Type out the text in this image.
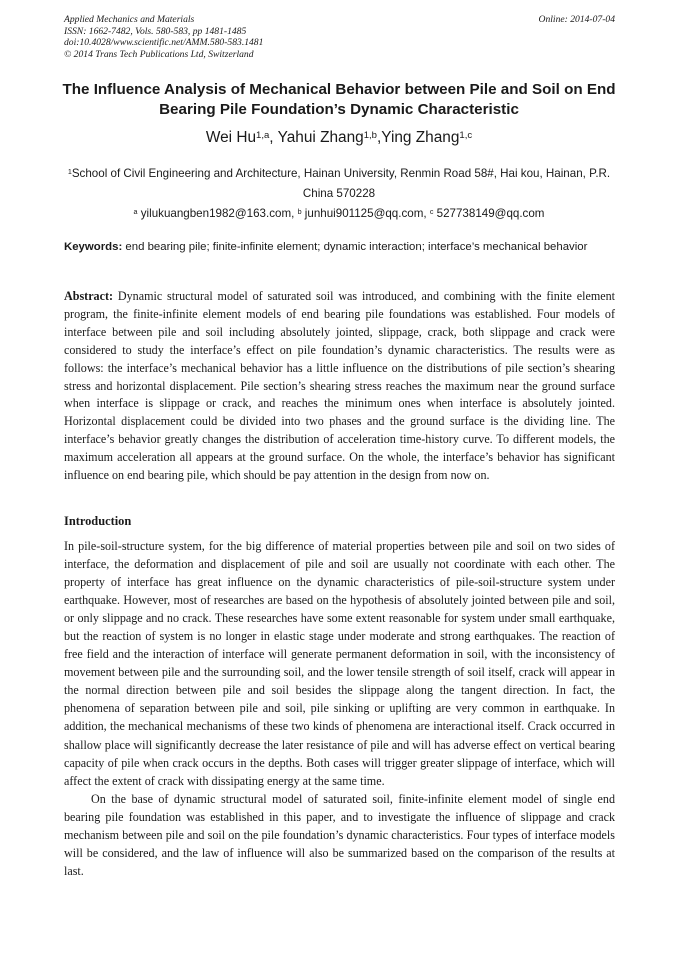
Applied Mechanics and Materials
ISSN: 1662-7482, Vols. 580-583, pp 1481-1485
doi:10.4028/www.scientific.net/AMM.580-583.1481
© 2014 Trans Tech Publications Ltd, Switzerland
Online: 2014-07-04
The Influence Analysis of Mechanical Behavior between Pile and Soil on End Bearing Pile Foundation’s Dynamic Characteristic
Wei Hu$^{1,a}$, Yahui Zhang$^{1,b}$,Ying Zhang$^{1,c}$
$^1$School of Civil Engineering and Architecture, Hainan University, Renmin Road 58#, Hai kou, Hainan, P.R. China 570228
$^a$ yilukuangben1982@163.com, $^b$ junhui901125@qq.com, $^c$ 527738149@qq.com
Keywords: end bearing pile; finite-infinite element; dynamic interaction; interface’s mechanical behavior
Abstract: Dynamic structural model of saturated soil was introduced, and combining with the finite element program, the finite-infinite element models of end bearing pile foundations was established. Four models of interface between pile and soil including absolutely jointed, slippage, crack, both slippage and crack were considered to study the interface’s effect on pile foundation’s dynamic characteristics. The results were as follows: the interface’s mechanical behavior has a little influence on the distributions of pile section’s shearing stress and horizontal displacement. Pile section’s shearing stress reaches the maximum near the ground surface when interface is slippage or crack, and reaches the minimum ones when interface is absolutely jointed. Horizontal displacement could be divided into two phases and the ground surface is the dividing line. The interface’s behavior greatly changes the distribution of acceleration time-history curve. To different models, the maximum acceleration all appears at the ground surface. On the whole, the interface’s behavior has significant influence on end bearing pile, which should be pay attention in the design from now on.
Introduction

In pile-soil-structure system, for the big difference of material properties between pile and soil on two sides of interface, the deformation and displacement of pile and soil are usually not coordinate with each other. The property of interface has great influence on the dynamic characteristics of pile-soil-structure system under earthquake. However, most of researches are based on the hypothesis of absolutely jointed between pile and soil, or only slippage and no crack. These researches have some extent reasonable for system under small earthquake, but the reaction of system is no longer in elastic stage under moderate and strong earthquakes. The reaction of free field and the interaction of interface will generate permanent deformation in soil, with the inconsistency of movement between pile and the surrounding soil, and the lower tensile strength of soil itself, crack will appear in the normal direction between pile and soil besides the slippage along the tangent direction. In fact, the phenomena of separation between pile and soil, pile sinking or uplifting are very common in earthquake. In addition, the mechanical mechanisms of these two kinds of phenomena are interactional itself. Crack occurred in shallow place will significantly decrease the later resistance of pile and will has adverse effect on vertical bearing capacity of pile when crack occurs in the depths. Both cases will trigger greater slippage of interface, which will affect the extent of crack with dissipating energy at the same time.

On the base of dynamic structural model of saturated soil, finite-infinite element model of single end bearing pile foundation was established in this paper, and to investigate the influence of slippage and crack mechanism between pile and soil on the pile foundation’s dynamic characteristics. Four types of interface models will be considered, and the law of influence will also be summarized based on the comparison of the results at last.
